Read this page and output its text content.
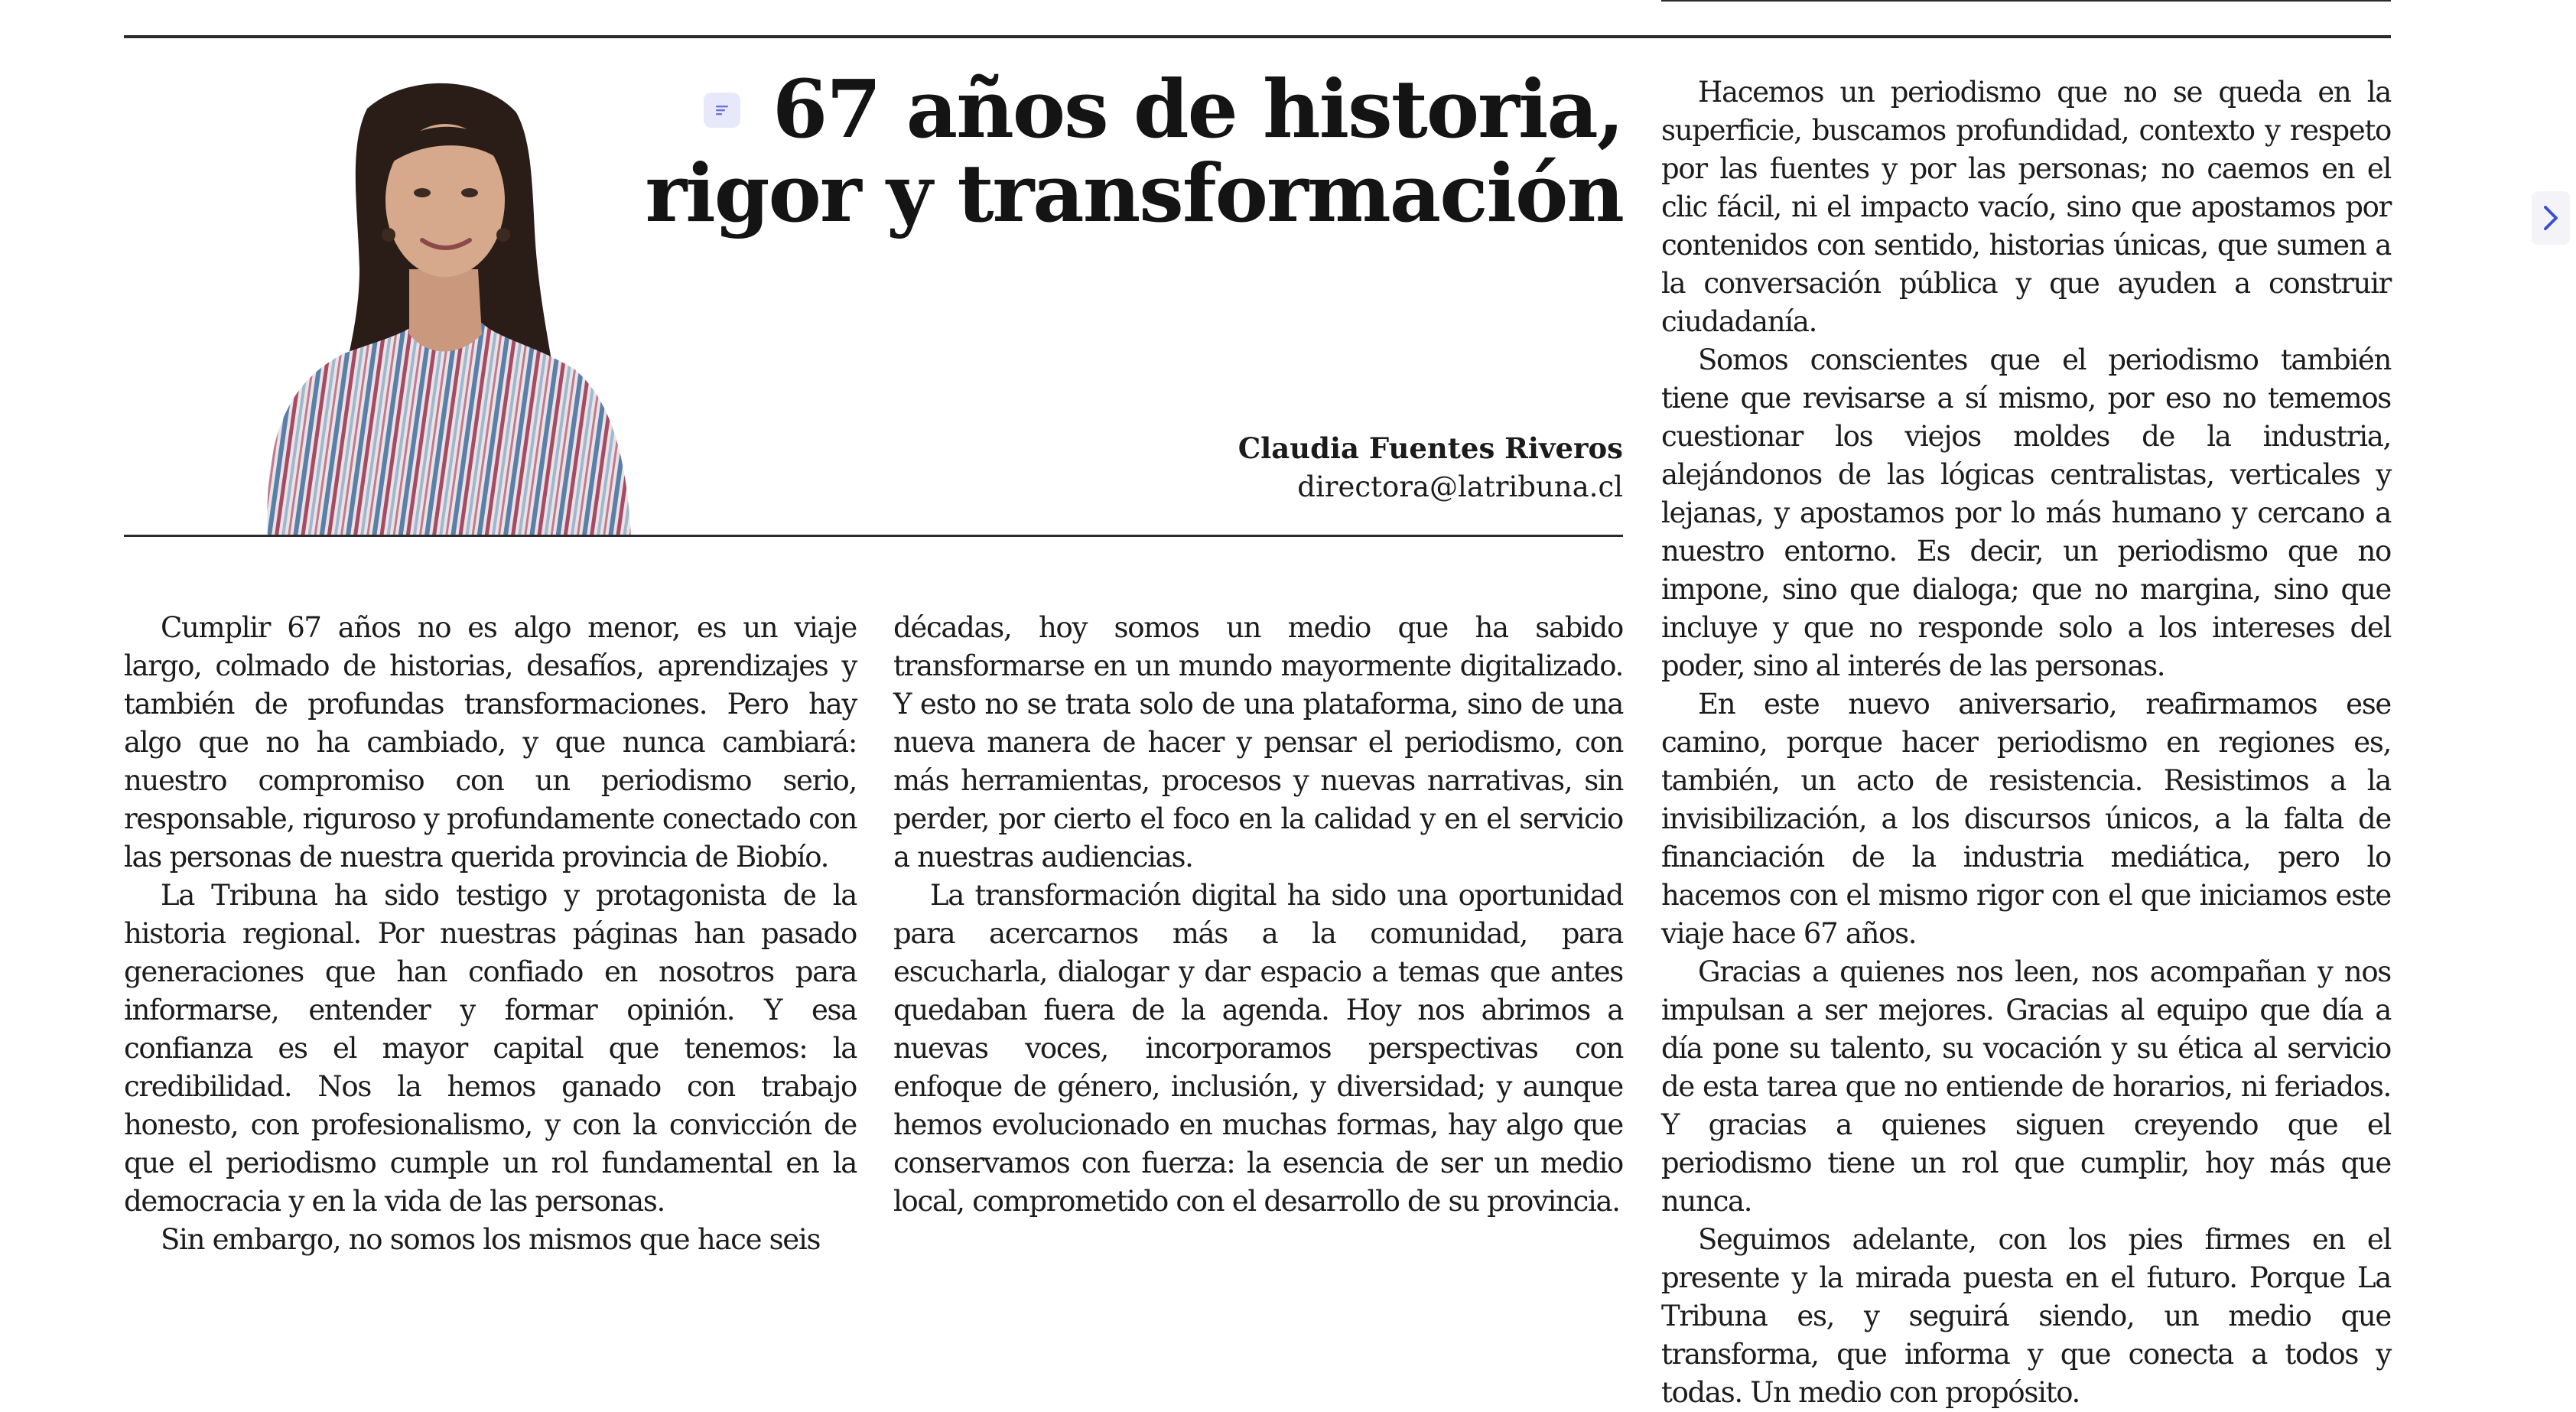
67 años de historia, rigor y transformación
Claudia Fuentes Riveros
directora@latribuna.cl

Cumplir 67 años no es algo menor, es un viaje largo, colmado de historias, desafíos, aprendizajes y también de profundas transformaciones. Pero hay algo que no ha cambiado, y que nunca cambiará: nuestro compromiso con un periodismo serio, responsable, riguroso y profundamente conectado con las personas de nuestra querida provincia de Biobío.

La Tribuna ha sido testigo y protagonista de la historia regional. Por nuestras páginas han pasado generaciones que han confiado en nosotros para informarse, entender y formar opinión. Y esa confianza es el mayor capital que tenemos: la credibilidad. Nos la hemos ganado con trabajo honesto, con profesionalismo, y con la convicción de que el periodismo cumple un rol fundamental en la democracia y en la vida de las personas.

Sin embargo, no somos los mismos que hace seis

décadas, hoy somos un medio que ha sabido transformarse en un mundo mayormente digitalizado. Y esto no se trata solo de una plataforma, sino de una nueva manera de hacer y pensar el periodismo, con más herramientas, procesos y nuevas narrativas, sin perder, por cierto el foco en la calidad y en el servicio a nuestras audiencias.

La transformación digital ha sido una oportunidad para acercarnos más a la comunidad, para escucharla, dialogar y dar espacio a temas que antes quedaban fuera de la agenda. Hoy nos abrimos a nuevas voces, incorporamos perspectivas con enfoque de género, inclusión, y diversidad; y aunque hemos evolucionado en muchas formas, hay algo que conservamos con fuerza: la esencia de ser un medio local, comprometido con el desarrollo de su provincia.

Hacemos un periodismo que no se queda en la superficie, buscamos profundidad, contexto y respeto por las fuentes y por las personas; no caemos en el clic fácil, ni el impacto vacío, sino que apostamos por contenidos con sentido, historias únicas, que sumen a la conversación pública y que ayuden a construir ciudadanía.

Somos conscientes que el periodismo también tiene que revisarse a sí mismo, por eso no tememos cuestionar los viejos moldes de la industria, alejándonos de las lógicas centralistas, verticales y lejanas, y apostamos por lo más humano y cercano a nuestro entorno. Es decir, un periodismo que no impone, sino que dialoga; que no margina, sino que incluye y que no responde solo a los intereses del poder, sino al interés de las personas.

En este nuevo aniversario, reafirmamos ese camino, porque hacer periodismo en regiones es, también, un acto de resistencia. Resistimos a la invisibilización, a los discursos únicos, a la falta de financiación de la industria mediática, pero lo hacemos con el mismo rigor con el que iniciamos este viaje hace 67 años.

Gracias a quienes nos leen, nos acompañan y nos impulsan a ser mejores. Gracias al equipo que día a día pone su talento, su vocación y su ética al servicio de esta tarea que no entiende de horarios, ni feriados. Y gracias a quienes siguen creyendo que el periodismo tiene un rol que cumplir, hoy más que nunca.

Seguimos adelante, con los pies firmes en el presente y la mirada puesta en el futuro. Porque La Tribuna es, y seguirá siendo, un medio que transforma, que informa y que conecta a todos y todas. Un medio con propósito.
